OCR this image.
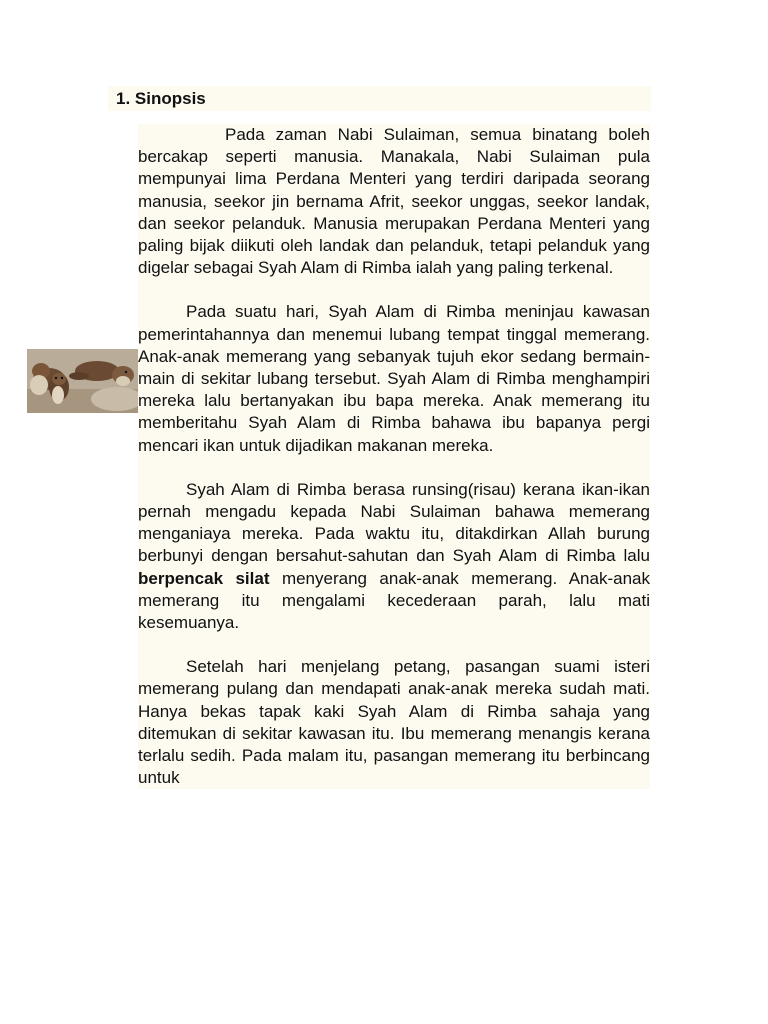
1. Sinopsis

Pada zaman Nabi Sulaiman, semua binatang boleh bercakap seperti manusia. Manakala, Nabi Sulaiman pula mempunyai lima Perdana Menteri yang terdiri daripada seorang manusia, seekor jin bernama Afrit, seekor unggas, seekor landak, dan seekor pelanduk. Manusia merupakan Perdana Menteri yang paling bijak diikuti oleh landak dan pelanduk, tetapi pelanduk yang digelar sebagai Syah Alam di Rimba ialah yang paling terkenal.

Pada suatu hari, Syah Alam di Rimba meninjau kawasan pemerintahannya dan menemui lubang tempat tinggal memerang. Anak-anak memerang yang sebanyak tujuh ekor sedang bermain-main di sekitar lubang tersebut. Syah Alam di Rimba menghampiri mereka lalu bertanyakan ibu bapa mereka. Anak memerang itu memberitahu Syah Alam di Rimba bahawa ibu bapanya pergi mencari ikan untuk dijadikan makanan mereka.

Syah Alam di Rimba berasa runsing(risau) kerana ikan-ikan pernah mengadu kepada Nabi Sulaiman bahawa memerang menganiaya mereka. Pada waktu itu, ditakdirkan Allah burung berbunyi dengan bersahut-sahutan dan Syah Alam di Rimba lalu berpencak silat menyerang anak-anak memerang. Anak-anak memerang itu mengalami kecederaan parah, lalu mati kesemuanya.

Setelah hari menjelang petang, pasangan suami isteri memerang pulang dan mendapati anak-anak mereka sudah mati. Hanya bekas tapak kaki Syah Alam di Rimba sahaja yang ditemukan di sekitar kawasan itu. Ibu memerang menangis kerana terlalu sedih. Pada malam itu, pasangan memerang itu berbincang untuk
